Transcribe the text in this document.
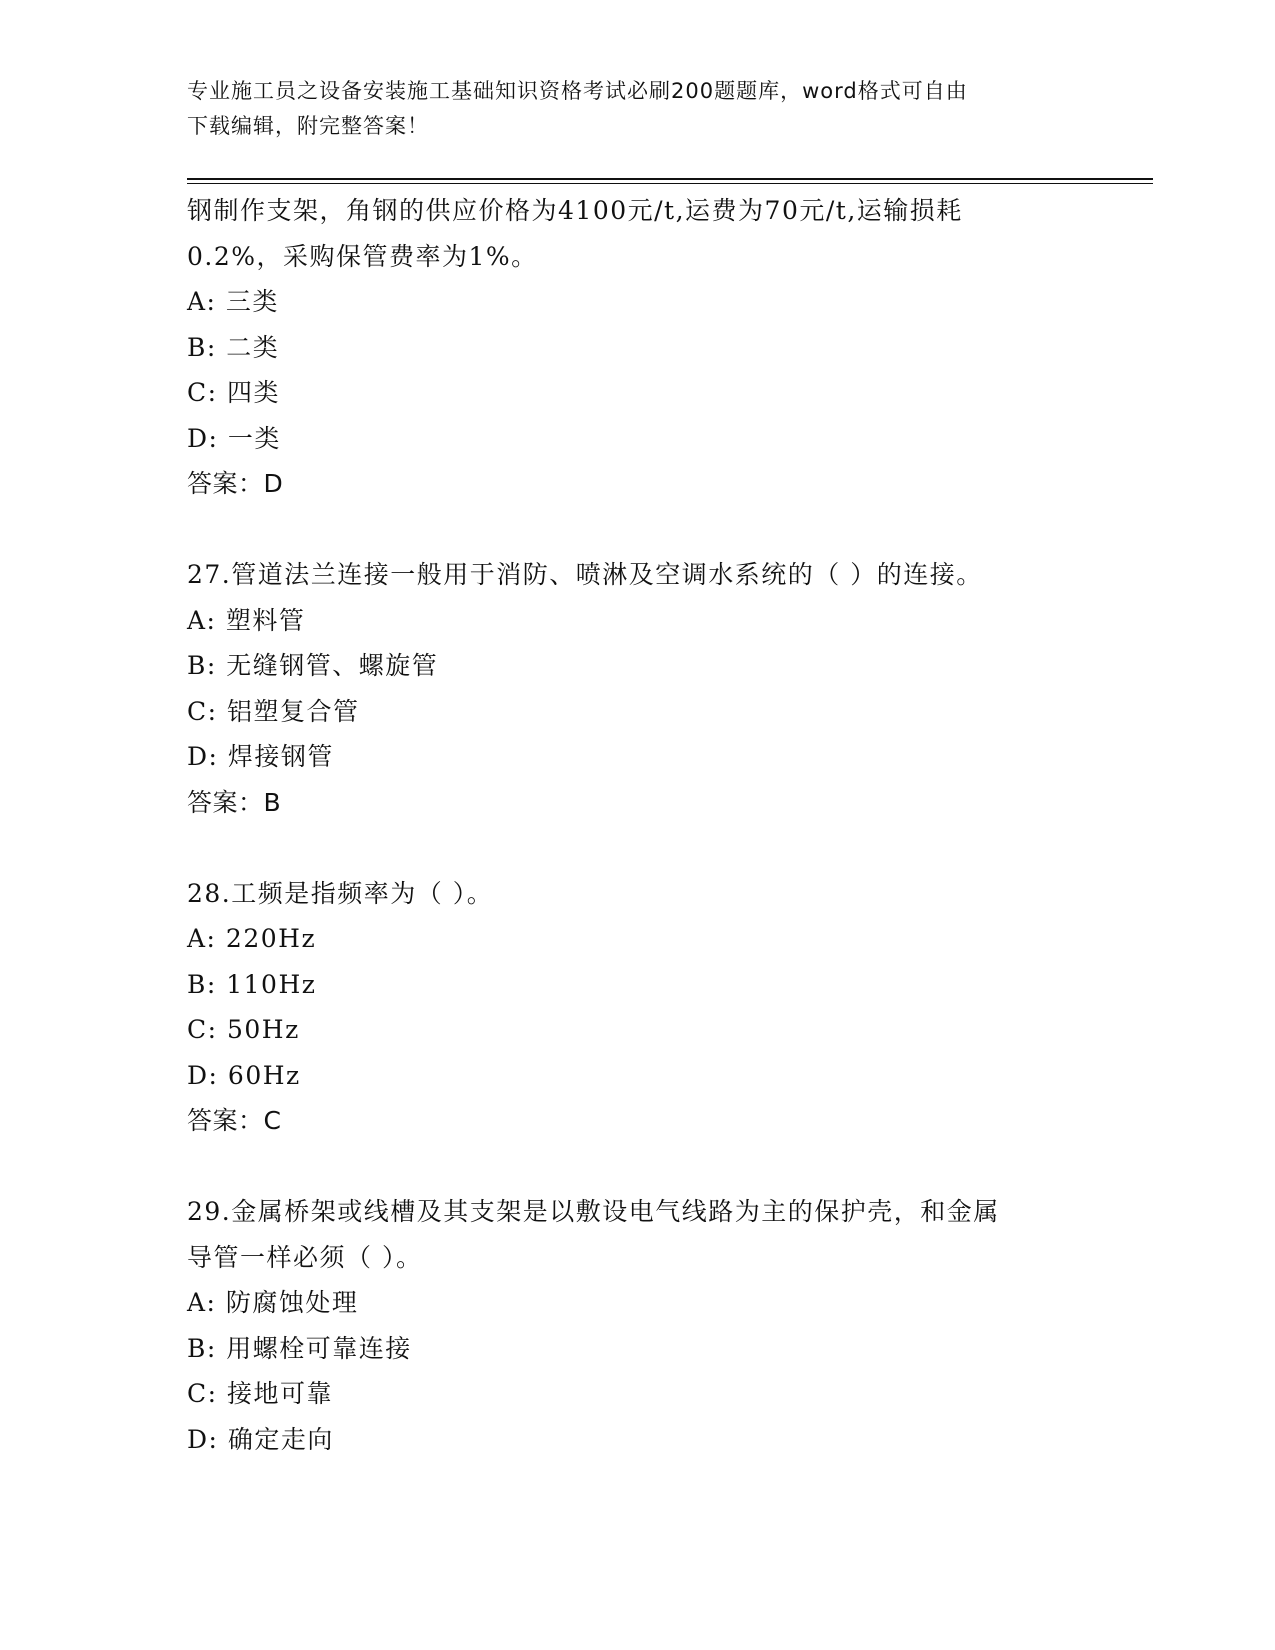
专业施工员之设备安装施工基础知识资格考试必刷200题题库，word格式可自由
下载编辑，附完整答案！
钢制作支架，角钢的供应价格为4100元/t,运费为70元/t,运输损耗
0.2%，采购保管费率为1%。
A: 三类
B: 二类
C: 四类
D: 一类
答案：D
27.管道法兰连接一般用于消防、喷淋及空调水系统的（ ）的连接。
A: 塑料管
B: 无缝钢管、螺旋管
C: 铝塑复合管
D: 焊接钢管
答案：B
28.工频是指频率为（ ）。
A: 220Hz
B: 110Hz
C: 50Hz
D: 60Hz
答案：C
29.金属桥架或线槽及其支架是以敷设电气线路为主的保护壳，和金属
导管一样必须（ ）。
A: 防腐蚀处理
B: 用螺栓可靠连接
C: 接地可靠
D: 确定走向
